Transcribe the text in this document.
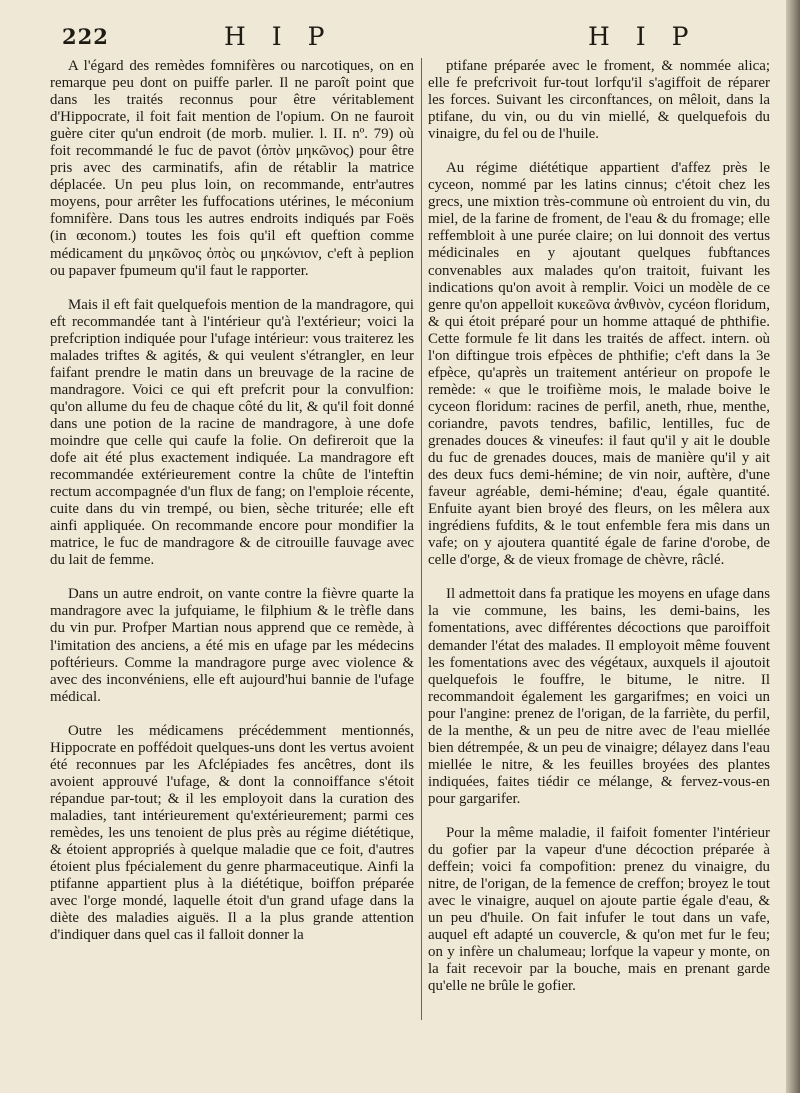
222	H I P	H I P

A l'égard des remèdes fomnifères ou narcotiques, on en remarque peu dont on puiffe parler. Il ne paroît point que dans les traités reconnus pour être véritablement d'Hippocrate, il foit fait mention de l'opium. On ne fauroit guère citer qu'un endroit (de morb. mulier. l. II. nº. 79) où foit recommandé le fuc de pavot (ὀπὸν μηκῶνος) pour être pris avec des carminatifs, afin de rétablir la matrice déplacée. Un peu plus loin, on recommande, entr'autres moyens, pour arrêter les fuffocations utérines, le méconium fomnifère. Dans tous les autres endroits indiqués par Foës (in œconom.) toutes les fois qu'il eft queftion comme médicament du μηκῶνος ὀπὸς ou μηκώνιον, c'eft à peplion ou papaver fpumeum qu'il faut le rapporter.

Mais il eft fait quelquefois mention de la mandragore, qui eft recommandée tant à l'intérieur qu'à l'extérieur; voici la prefcription indiquée pour l'ufage intérieur: vous traiterez les malades triftes & agités, & qui veulent s'étrangler, en leur faifant prendre le matin dans un breuvage de la racine de mandragore. Voici ce qui eft prefcrit pour la convulfion: qu'on allume du feu de chaque côté du lit, & qu'il foit donné dans une potion de la racine de mandragore, à une dofe moindre que celle qui caufe la folie. On defireroit que la dofe ait été plus exactement indiquée. La mandragore eft recommandée extérieurement contre la chûte de l'inteftin rectum accompagnée d'un flux de fang; on l'emploie récente, cuite dans du vin trempé, ou bien, sèche triturée; elle eft ainfi appliquée. On recommande encore pour mondifier la matrice, le fuc de mandragore & de citrouille fauvage avec du lait de femme.

Dans un autre endroit, on vante contre la fièvre quarte la mandragore avec la jufquiame, le filphium & le trèfle dans du vin pur. Profper Martian nous apprend que ce remède, à l'imitation des anciens, a été mis en ufage par les médecins poftérieurs. Comme la mandragore purge avec violence & avec des inconvéniens, elle eft aujourd'hui bannie de l'ufage médical.

Outre les médicamens précédemment mentionnés, Hippocrate en poffédoit quelques-uns dont les vertus avoient été reconnues par les Afclépiades fes ancêtres, dont ils avoient approuvé l'ufage, & dont la connoiffance s'étoit répandue par-tout; & il les employoit dans la curation des maladies, tant intérieurement qu'extérieurement; parmi ces remèdes, les uns tenoient de plus près au régime diététique, & étoient appropriés à quelque maladie que ce foit, d'autres étoient plus fpécialement du genre pharmaceutique. Ainfi la ptifanne appartient plus à la diététique, boiffon préparée avec l'orge mondé, laquelle étoit d'un grand ufage dans la diète des maladies aiguës. Il a la plus grande attention d'indiquer dans quel cas il falloit donner la

ptifane préparée avec le froment, & nommée alica; elle fe prefcrivoit fur-tout lorfqu'il s'agiffoit de réparer les forces. Suivant les circonftances, on mêloit, dans la ptifane, du vin, ou du vin miellé, & quelquefois du vinaigre, du fel ou de l'huile.

Au régime diététique appartient d'affez près le cyceon, nommé par les latins cinnus; c'étoit chez les grecs, une mixtion très-commune où entroient du vin, du miel, de la farine de froment, de l'eau & du fromage; elle reffembloit à une purée claire; on lui donnoit des vertus médicinales en y ajoutant quelques fubftances convenables aux malades qu'on traitoit, fuivant les indications qu'on avoit à remplir. Voici un modèle de ce genre qu'on appelloit κυκεῶνα ἀνθινὸν, cycéon floridum, & qui étoit préparé pour un homme attaqué de phthifie. Cette formule fe lit dans les traités de affect. intern. où l'on diftingue trois efpèces de phthifie; c'eft dans la 3e efpèce, qu'après un traitement antérieur on propofe le remède: « que le troifième mois, le malade boive le cyceon floridum: racines de perfil, aneth, rhue, menthe, coriandre, pavots tendres, bafilic, lentilles, fuc de grenades douces & vineufes: il faut qu'il y ait le double du fuc de grenades douces, mais de manière qu'il y ait des deux fucs demi-hémine; de vin noir, auftère, d'une faveur agréable, demi-hémine; d'eau, égale quantité. Enfuite ayant bien broyé des fleurs, on les mêlera aux ingrédiens fufdits, & le tout enfemble fera mis dans un vafe; on y ajoutera quantité égale de farine d'orobe, de celle d'orge, & de vieux fromage de chèvre, râclé.

Il admettoit dans fa pratique les moyens en ufage dans la vie commune, les bains, les demi-bains, les fomentations, avec différentes décoctions que paroiffoit demander l'état des malades. Il employoit même fouvent les fomentations avec des végétaux, auxquels il ajoutoit quelquefois le fouffre, le bitume, le nitre. Il recommandoit également les gargarifmes; en voici un pour l'angine: prenez de l'origan, de la farriète, du perfil, de la menthe, & un peu de nitre avec de l'eau miellée bien détrempée, & un peu de vinaigre; délayez dans l'eau miellée le nitre, & les feuilles broyées des plantes indiquées, faites tiédir ce mélange, & fervez-vous-en pour gargarifer.

Pour la même maladie, il faifoit fomenter l'intérieur du gofier par la vapeur d'une décoction préparée à deffein; voici fa compofition: prenez du vinaigre, du nitre, de l'origan, de la femence de creffon; broyez le tout avec le vinaigre, auquel on ajoute partie égale d'eau, & un peu d'huile. On fait infufer le tout dans un vafe, auquel eft adapté un couvercle, & qu'on met fur le feu; on y infère un chalumeau; lorfque la vapeur y monte, on la fait recevoir par la bouche, mais en prenant garde qu'elle ne brûle le gofier.
